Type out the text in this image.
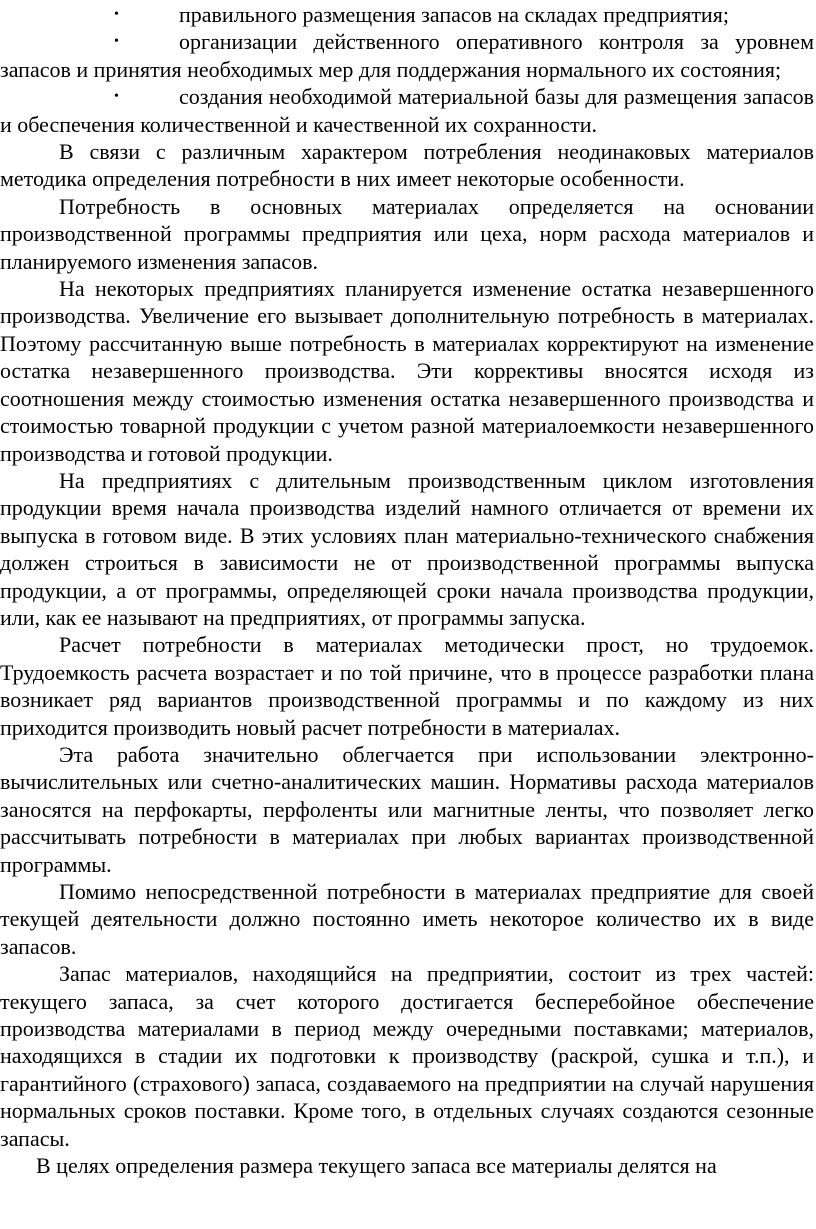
•	правильного размещения запасов на складах предприятия;

•	организации действенного оперативного контроля за уровнем запасов и принятия необходимых мер для поддержания нормального их состояния;

•	создания необходимой материальной базы для размещения запасов и обеспечения количественной и качественной их сохранности.

В связи с различным характером потребления неодинаковых материалов методика определения потребности в них имеет некоторые особенности.

Потребность в основных материалах определяется на основании производственной программы предприятия или цеха, норм расхода материалов и планируемого изменения запасов.

На некоторых предприятиях планируется изменение остатка незавершенного производства. Увеличение его вызывает дополнительную потребность в материалах. Поэтому рассчитанную выше потребность в материалах корректируют на изменение остатка незавершенного производства. Эти коррективы вносятся исходя из соотношения между стоимостью изменения остатка незавершенного производства и стоимостью товарной продукции с учетом разной материалоемкости незавершенного производства и готовой продукции.

На предприятиях с длительным производственным циклом изготовления продукции время начала производства изделий намного отличается от времени их выпуска в готовом виде. В этих условиях план материально-технического снабжения должен строиться в зависимости не от производственной программы выпуска продукции, а от программы, определяющей сроки начала производства продукции, или, как ее называют на предприятиях, от программы запуска.

Расчет потребности в материалах методически прост, но трудоемок. Трудоемкость расчета возрастает и по той причине, что в процессе разработки плана возникает ряд вариантов производственной программы и по каждому из них приходится производить новый расчет потребности в материалах.

Эта работа значительно облегчается при использовании электронно-вычислительных или счетно-аналитических машин. Нормативы расхода материалов заносятся на перфокарты, перфоленты или магнитные ленты, что позволяет легко рассчитывать потребности в материалах при любых вариантах производственной программы.

Помимо непосредственной потребности в материалах предприятие для своей текущей деятельности должно постоянно иметь некоторое количество их в виде запасов.

Запас материалов, находящийся на предприятии, состоит из трех частей: текущего запаса, за счет которого достигается бесперебойное обеспечение производства материалами в период между очередными поставками; материалов, находящихся в стадии их подготовки к производству (раскрой, сушка и т.п.), и гарантийного (страхового) запаса, создаваемого на предприятии на случай нарушения нормальных сроков поставки. Кроме того, в отдельных случаях создаются сезонные запасы.

В целях определения размера текущего запаса все материалы делятся на
